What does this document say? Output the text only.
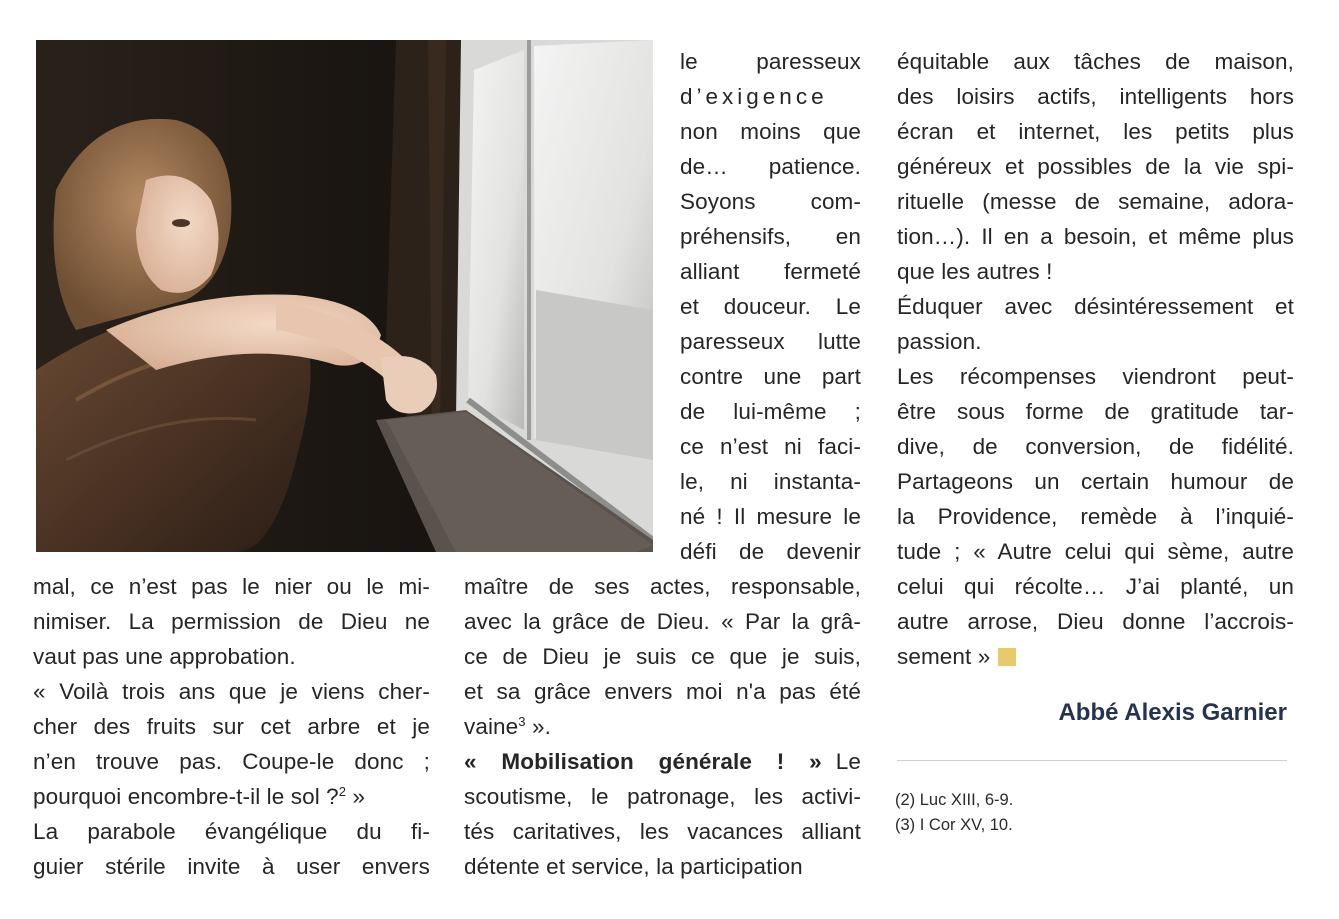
le paresseux
d’exigence
non moins que
de… patience.
Soyons com-
préhensifs, en
alliant fermeté
et douceur. Le
paresseux lutte
contre une part
de lui-même ;
ce n’est ni faci-
le, ni instanta-
né ! Il mesure le
défi de devenir
maître de ses actes, responsable,
avec la grâce de Dieu. « Par la grâ-
ce de Dieu je suis ce que je suis,
et sa grâce envers moi n'a pas été
vaine$^3$ ».
« Mobilisation générale ! » Le
scoutisme, le patronage, les activi-
tés caritatives, les vacances alliant
détente et service, la participation
mal, ce n’est pas le nier ou le mi-
nimiser. La permission de Dieu ne
vaut pas une approbation.
« Voilà trois ans que je viens cher-
cher des fruits sur cet arbre et je
n’en trouve pas. Coupe-le donc ;
pourquoi encombre-t-il le sol ?$^2$ »
La parabole évangélique du fi-
guier stérile invite à user envers
équitable aux tâches de maison,
des loisirs actifs, intelligents hors
écran et internet, les petits plus
généreux et possibles de la vie spi-
rituelle (messe de semaine, adora-
tion…). Il en a besoin, et même plus
que les autres !
Éduquer avec désintéressement et
passion.
Les récompenses viendront peut-
être sous forme de gratitude tar-
dive, de conversion, de fidélité.
Partageons un certain humour de
la Providence, remède à l’inquié-
tude ; « Autre celui qui sème, autre
celui qui récolte… J’ai planté, un
autre arrose, Dieu donne l’accrois-
sement »
Abbé Alexis Garnier
(2) Luc XIII, 6-9.
(3) I Cor XV, 10.
